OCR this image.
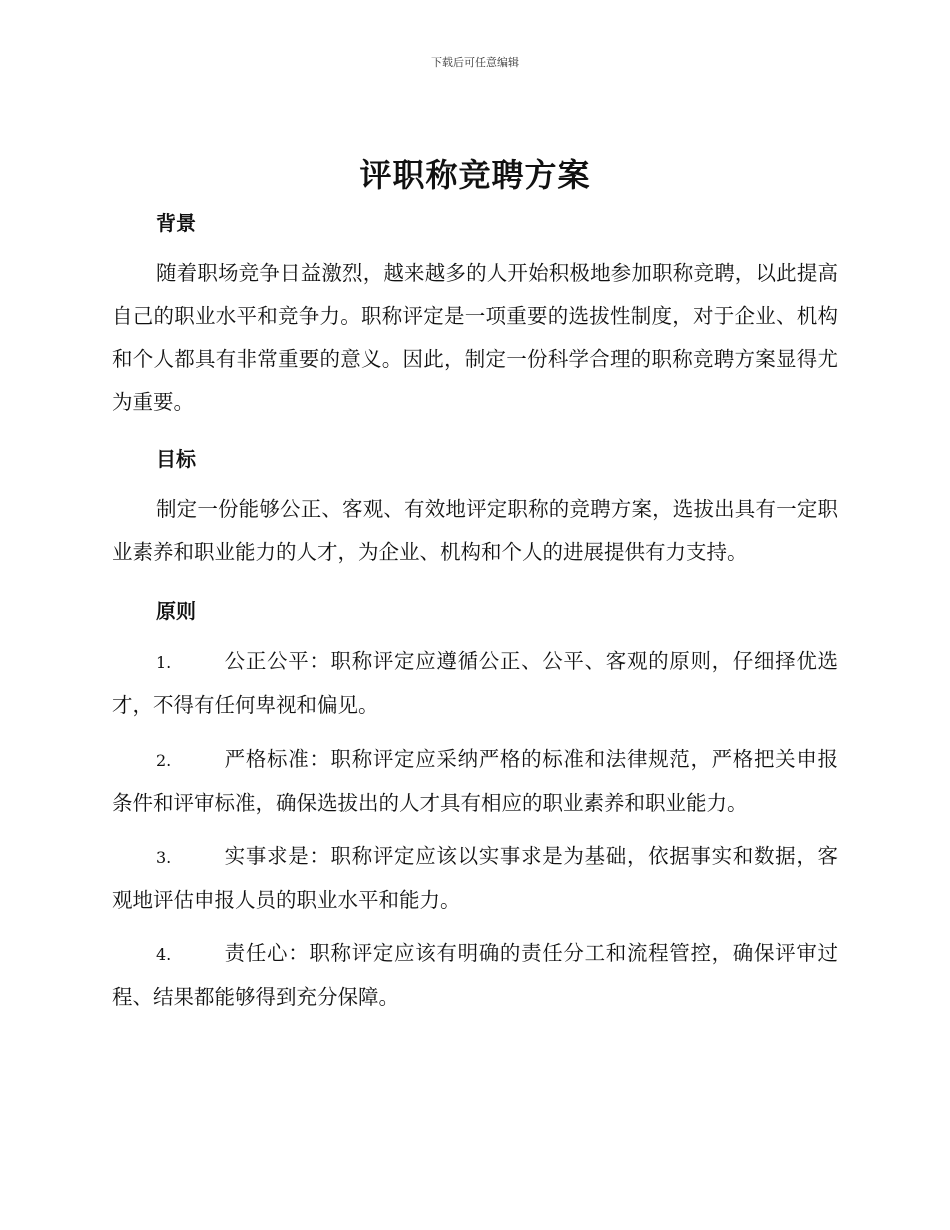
下载后可任意编辑
评职称竞聘方案
背景
随着职场竞争日益激烈，越来越多的人开始积极地参加职称竞聘，以此提高自己的职业水平和竞争力。职称评定是一项重要的选拔性制度，对于企业、机构和个人都具有非常重要的意义。因此，制定一份科学合理的职称竞聘方案显得尤为重要。
目标
制定一份能够公正、客观、有效地评定职称的竞聘方案，选拔出具有一定职业素养和职业能力的人才，为企业、机构和个人的进展提供有力支持。
原则
1.	公正公平：职称评定应遵循公正、公平、客观的原则，仔细择优选才，不得有任何卑视和偏见。
2.	严格标准：职称评定应采纳严格的标准和法律规范，严格把关申报条件和评审标准，确保选拔出的人才具有相应的职业素养和职业能力。
3.	实事求是：职称评定应该以实事求是为基础，依据事实和数据，客观地评估申报人员的职业水平和能力。
4.	责任心：职称评定应该有明确的责任分工和流程管控，确保评审过程、结果都能够得到充分保障。
